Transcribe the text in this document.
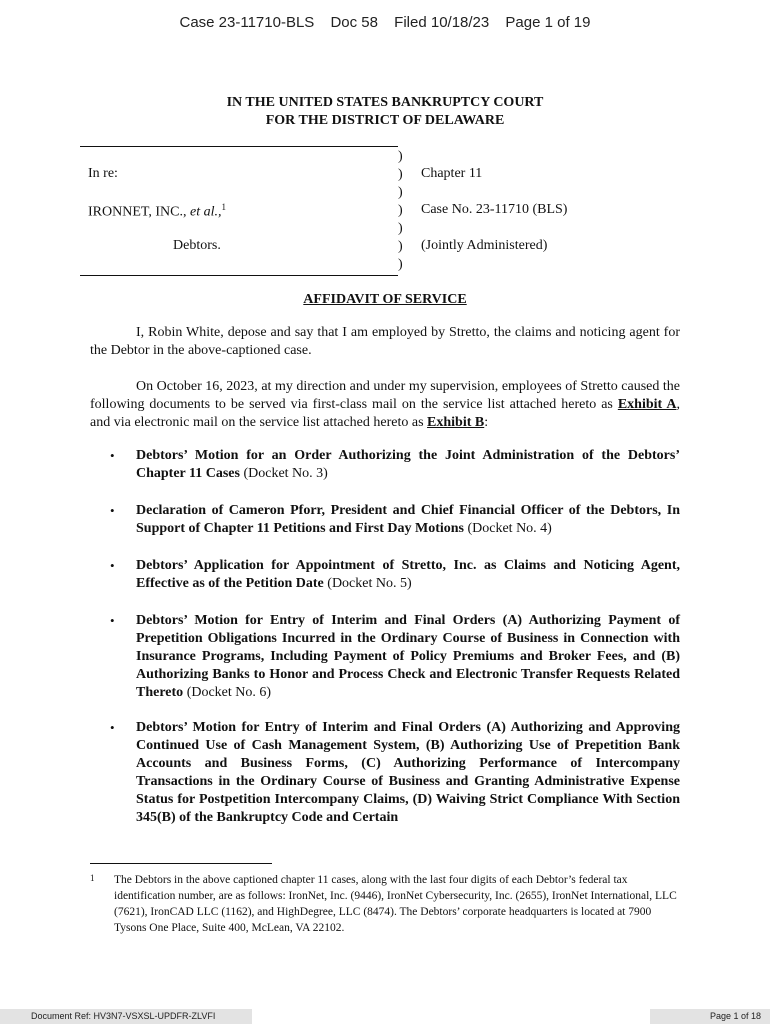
Case 23-11710-BLS Doc 58 Filed 10/18/23 Page 1 of 19
IN THE UNITED STATES BANKRUPTCY COURT
FOR THE DISTRICT OF DELAWARE
In re:
IRONNET, INC., et al.,$^1$
Debtors.
)
)
)
)
)
)
)
Chapter 11
Case No. 23-11710 (BLS)
(Jointly Administered)
AFFIDAVIT OF SERVICE
I, Robin White, depose and say that I am employed by Stretto, the claims and noticing agent for the Debtor in the above-captioned case.
On October 16, 2023, at my direction and under my supervision, employees of Stretto caused the following documents to be served via first-class mail on the service list attached hereto as Exhibit A, and via electronic mail on the service list attached hereto as Exhibit B:
• Debtors’ Motion for an Order Authorizing the Joint Administration of the Debtors’ Chapter 11 Cases (Docket No. 3)
• Declaration of Cameron Pforr, President and Chief Financial Officer of the Debtors, In Support of Chapter 11 Petitions and First Day Motions (Docket No. 4)
• Debtors’ Application for Appointment of Stretto, Inc. as Claims and Noticing Agent, Effective as of the Petition Date (Docket No. 5)
• Debtors’ Motion for Entry of Interim and Final Orders (A) Authorizing Payment of Prepetition Obligations Incurred in the Ordinary Course of Business in Connection with Insurance Programs, Including Payment of Policy Premiums and Broker Fees, and (B) Authorizing Banks to Honor and Process Check and Electronic Transfer Requests Related Thereto (Docket No. 6)
• Debtors’ Motion for Entry of Interim and Final Orders (A) Authorizing and Approving Continued Use of Cash Management System, (B) Authorizing Use of Prepetition Bank Accounts and Business Forms, (C) Authorizing Performance of Intercompany Transactions in the Ordinary Course of Business and Granting Administrative Expense Status for Postpetition Intercompany Claims, (D) Waiving Strict Compliance With Section 345(B) of the Bankruptcy Code and Certain
1 The Debtors in the above captioned chapter 11 cases, along with the last four digits of each Debtor’s federal tax identification number, are as follows: IronNet, Inc. (9446), IronNet Cybersecurity, Inc. (2655), IronNet International, LLC (7621), IronCAD LLC (1162), and HighDegree, LLC (8474). The Debtors’ corporate headquarters is located at 7900 Tysons One Place, Suite 400, McLean, VA 22102.
Document Ref: HV3N7-VSXSL-UPDFR-ZLVFI	Page 1 of 18
